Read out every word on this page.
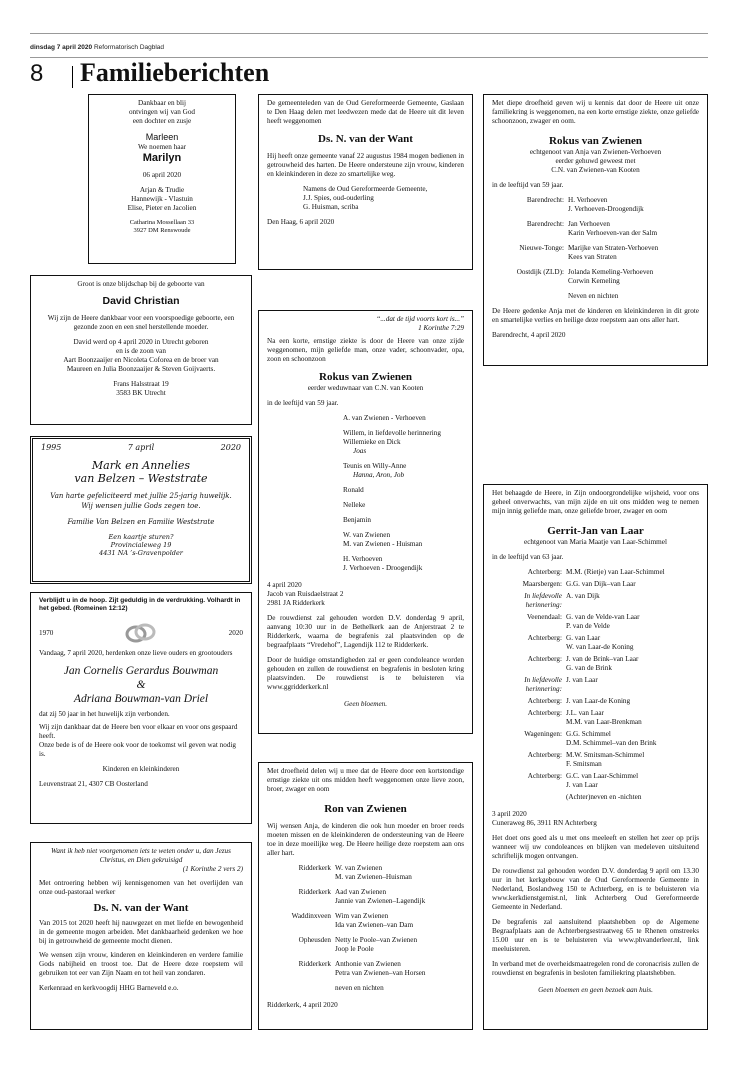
dinsdag 7 april 2020 Reformatorisch Dagblad
8 Familieberichten

Dankbaar en blij

ontvingen wij van God

een dochter en zusje

Marleen

We noemen haar

Marilyn

06 april 2020

Arjan & Trudie

Hannewijk - Vlastuin

Elise, Pieter en Jacolien

Catharina Mossellaan 33

3927 DM Renswoude

Groot is onze blijdschap bij de geboorte van

David Christian

Wij zijn de Heere dankbaar voor een voorspoedige geboorte, een gezonde zoon en een snel herstellende moeder.

David werd op 4 april 2020 in Utrecht geboren

en is de zoon van

Aart Boonzaaijer en Nicoleta Coforea en de broer van

Maureen en Julia Boonzaaijer & Steven Goijvaerts.

Frans Halsstraat 19

3583 BK Utrecht

1995	7 april	2020

Mark en Annelies

van Belzen – Weststrate

Van harte gefeliciteerd met jullie 25-jarig huwelijk.

Wij wensen jullie Gods zegen toe.

Familie Van Belzen en Familie Weststrate

Een kaartje sturen?

Provincialeweg 19

4431 NA ’s-Gravenpolder

Verblijdt u in de hoop. Zijt geduldig in de verdrukking. Volhardt in het gebed. (Romeinen 12:12)

1970	2020

Vandaag, 7 april 2020, herdenken onze lieve ouders en grootouders

Jan Cornelis Gerardus Bouwman

&

Adriana Bouwman-van Driel

dat zij 50 jaar in het huwelijk zijn verbonden.

Wij zijn dankbaar dat de Heere ben voor elkaar en voor ons gespaard heeft.

Onze bede is of de Heere ook voor de toekomst wil geven wat nodig is.

Kinderen en kleinkinderen

Leuvenstraat 21, 4307 CB Oosterland

Want ik heb niet voorgenomen iets te weten onder u, dan Jezus Christus, en Dien gekruisigd

(1 Korinthe 2 vers 2)

Met ontroering hebben wij kennisgenomen van het overlijden van onze oud-pastoraal werker

Ds. N. van der Want

Van 2015 tot 2020 heeft hij nauwgezet en met liefde en bewogenheid in de gemeente mogen arbeiden. Met dankbaarheid gedenken we hoe bij in getrouwheid de gemeente mocht dienen.

We wensen zijn vrouw, kinderen en kleinkinderen en verdere familie Gods nabijheid en troost toe. Dat de Heere deze roepstem wil gebruiken tot eer van Zijn Naam en tot heil van zondaren.

Kerkenraad en kerkvoogdij HHG Barneveld e.o.

De gemeenteleden van de Oud Gereformeerde Gemeente, Gaslaan te Den Haag delen met leedwezen mede dat de Heere uit dit leven heeft weggenomen

Ds. N. van der Want

Hij heeft onze gemeente vanaf 22 augustus 1984 mogen bedienen in getrouwheid des harten. De Heere ondersteune zijn vrouw, kinderen en kleinkinderen in deze zo smartelijke weg.

Namens de Oud Gereformeerde Gemeente,

J.J. Spies, oud-ouderling

G. Huisman, scriba

Den Haag, 6 april 2020

“...dat de tijd voorts kort is...”

1 Korinthe 7:29

Na een korte, ernstige ziekte is door de Heere van onze zijde weggenomen, mijn geliefde man, onze vader, schoonvader, opa, zoon en schoonzoon

Rokus van Zwienen

eerder weduwnaar van C.N. van Kooten

in de leeftijd van 59 jaar.

A. van Zwienen - Verhoeven

Willem, in liefdevolle herinnering

Willemieke en Dick

Joas

Teunis en Willy-Anne

Hanna, Aron, Job

Ronald

Nelleke

Benjamin

W. van Zwienen

M. van Zwienen - Huisman

H. Verhoeven

J. Verhoeven - Droogendijk

4 april 2020

Jacob van Ruisdaelstraat 2

2981 JA Ridderkerk

De rouwdienst zal gehouden worden D.V. donderdag 9 april, aanvang 10:30 uur in de Bethelkerk aan de Anjerstraat 2 te Ridderkerk, waarna de begrafenis zal plaatsvinden op de begraafplaats “Vredehof”, Lagendijk 112 te Ridderkerk.

Door de huidige omstandigheden zal er geen condoleance worden gehouden en zullen de rouwdienst en begrafenis in besloten kring plaatsvinden. De rouwdienst is te beluisteren via www.ggridderkerk.nl

Geen bloemen.

Met droefheid delen wij u mee dat de Heere door een kortstondige ernstige ziekte uit ons midden heeft weggenomen onze lieve zoon, broer, zwager en oom

Ron van Zwienen

Wij wensen Anja, de kinderen die ook hun moeder en broer reeds moeten missen en de kleinkinderen de ondersteuning van de Heere toe in deze moeilijke weg. De Heere heilige deze roepstem aan ons aller hart.

Ridderkerk W. van Zwienen

M. van Zwienen–Huisman

Ridderkerk Aad van Zwienen

Jannie van Zwienen–Lagendijk

Waddinxveen Wim van Zwienen

Ida van Zwienen–van Dam

Opheusden Netty le Poole–van Zwienen

Joop le Poole

Ridderkerk Anthonie van Zwienen

Petra van Zwienen–van Horsen

neven en nichten

Ridderkerk, 4 april 2020

Met diepe droefheid geven wij u kennis dat door de Heere uit onze familiekring is weggenomen, na een korte ernstige ziekte, onze geliefde schoonzoon, zwager en oom.

Rokus van Zwienen

echtgenoot van Anja van Zwienen-Verhoeven

eerder gehuwd geweest met

C.N. van Zwienen-van Kooten

in de leeftijd van 59 jaar.

Barendrecht: H. Verhoeven

J. Verhoeven-Droogendijk

Barendrecht: Jan Verhoeven

Karin Verhoeven-van der Salm

Nieuwe-Tonge: Marijke van Straten-Verhoeven

Kees van Straten

Oostdijk (ZLD): Jolanda Kemeling-Verhoeven

Corwin Kemeling

Neven en nichten

De Heere gedenke Anja met de kinderen en kleinkinderen in dit grote en smartelijke verlies en heilige deze roepstem aan ons aller hart.

Barendrecht, 4 april 2020

Het behaagde de Heere, in Zijn ondoorgrondelijke wijsheid, voor ons geheel onverwachts, van mijn zijde en uit ons midden weg te nemen mijn innig geliefde man, onze geliefde broer, zwager en oom

Gerrit-Jan van Laar

echtgenoot van Maria Maatje van Laar-Schimmel

in de leeftijd van 63 jaar.

Achterberg: M.M. (Rietje) van Laar-Schimmel

Maarsbergen: G.G. van Dijk–van Laar

In liefdevolle herinnering:

A. van Dijk

Veenendaal: G. van de Velde-van Laar

P. van de Velde

Achterberg: G. van Laar

W. van Laar-de Koning

Achterberg: J. van de Brink–van Laar

G. van de Brink

In liefdevolle herinnering:

J. van Laar

Achterberg: J. van Laar-de Koning

Achterberg: J.L. van Laar

M.M. van Laar-Brenkman

Wageningen: G.G. Schimmel

D.M. Schimmel–van den Brink

Achterberg: M.W. Smitsman-Schimmel

F. Smitsman

Achterberg: G.C. van Laar-Schimmel

J. van Laar

(Achter)neven en -nichten

3 april 2020

Cuneraweg 86, 3911 RN Achterberg

Het doet ons goed als u met ons meeleeft en stellen het zeer op prijs wanneer wij uw condoleances en blijken van medeleven uitsluitend schriftelijk mogen ontvangen.

De rouwdienst zal gehouden worden D.V. donderdag 9 april om 13.30 uur in het kerkgebouw van de Oud Gereformeerde Gemeente in Nederland, Boslandweg 150 te Achterberg, en is te beluisteren via www.kerkdienstgemist.nl, link Achterberg Oud Gereformeerde Gemeente in Nederland.

De begrafenis zal aansluitend plaatshebben op de Algemene Begraafplaats aan de Achterbergsestraatweg 65 te Rhenen omstreeks 15.00 uur en is te beluisteren via www.phvanderleer.nl, link meeluisteren.

In verband met de overheidsmaatregelen rond de coronacrisis zullen de rouwdienst en begrafenis in besloten familiekring plaatshebben.

Geen bloemen en geen bezoek aan huis.
